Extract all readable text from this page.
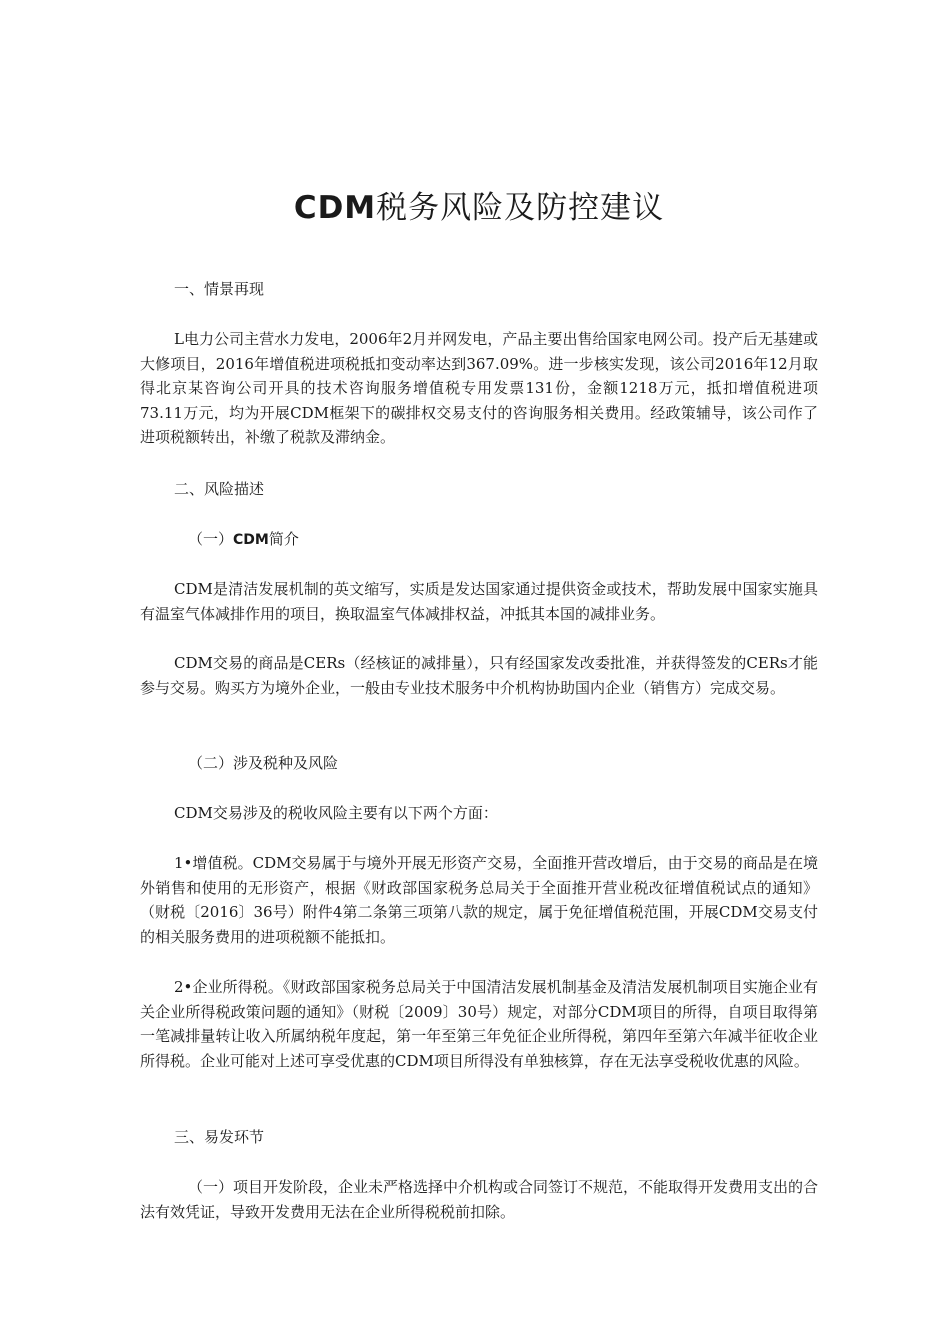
CDM税务风险及防控建议

一、情景再现

L电力公司主营水力发电，2006年2月并网发电，产品主要出售给国家电网公司。投产后无基建或大修项目，2016年增值税进项税抵扣变动率达到367.09%。进一步核实发现，该公司2016年12月取得北京某咨询公司开具的技术咨询服务增值税专用发票131份，金额1218万元，抵扣增值税进项73.11万元，均为开展CDM框架下的碳排权交易支付的咨询服务相关费用。经政策辅导，该公司作了进项税额转出，补缴了税款及滞纳金。

二、风险描述

（一）CDM简介

CDM是清洁发展机制的英文缩写，实质是发达国家通过提供资金或技术，帮助发展中国家实施具有温室气体减排作用的项目，换取温室气体减排权益，冲抵其本国的减排业务。

CDM交易的商品是CERs（经核证的减排量），只有经国家发改委批准，并获得签发的CERs才能参与交易。购买方为境外企业，一般由专业技术服务中介机构协助国内企业（销售方）完成交易。

（二）涉及税种及风险

CDM交易涉及的税收风险主要有以下两个方面：

1•增值税。CDM交易属于与境外开展无形资产交易，全面推开营改增后，由于交易的商品是在境外销售和使用的无形资产，根据《财政部国家税务总局关于全面推开营业税改征增值税试点的通知》（财税〔2016〕36号）附件4第二条第三项第八款的规定，属于免征增值税范围，开展CDM交易支付的相关服务费用的进项税额不能抵扣。

2•企业所得税。《财政部国家税务总局关于中国清洁发展机制基金及清洁发展机制项目实施企业有关企业所得税政策问题的通知》（财税〔2009〕30号）规定，对部分CDM项目的所得，自项目取得第一笔减排量转让收入所属纳税年度起，第一年至第三年免征企业所得税，第四年至第六年减半征收企业所得税。企业可能对上述可享受优惠的CDM项目所得没有单独核算，存在无法享受税收优惠的风险。

三、易发环节

（一）项目开发阶段，企业未严格选择中介机构或合同签订不规范，不能取得开发费用支出的合法有效凭证，导致开发费用无法在企业所得税税前扣除。
